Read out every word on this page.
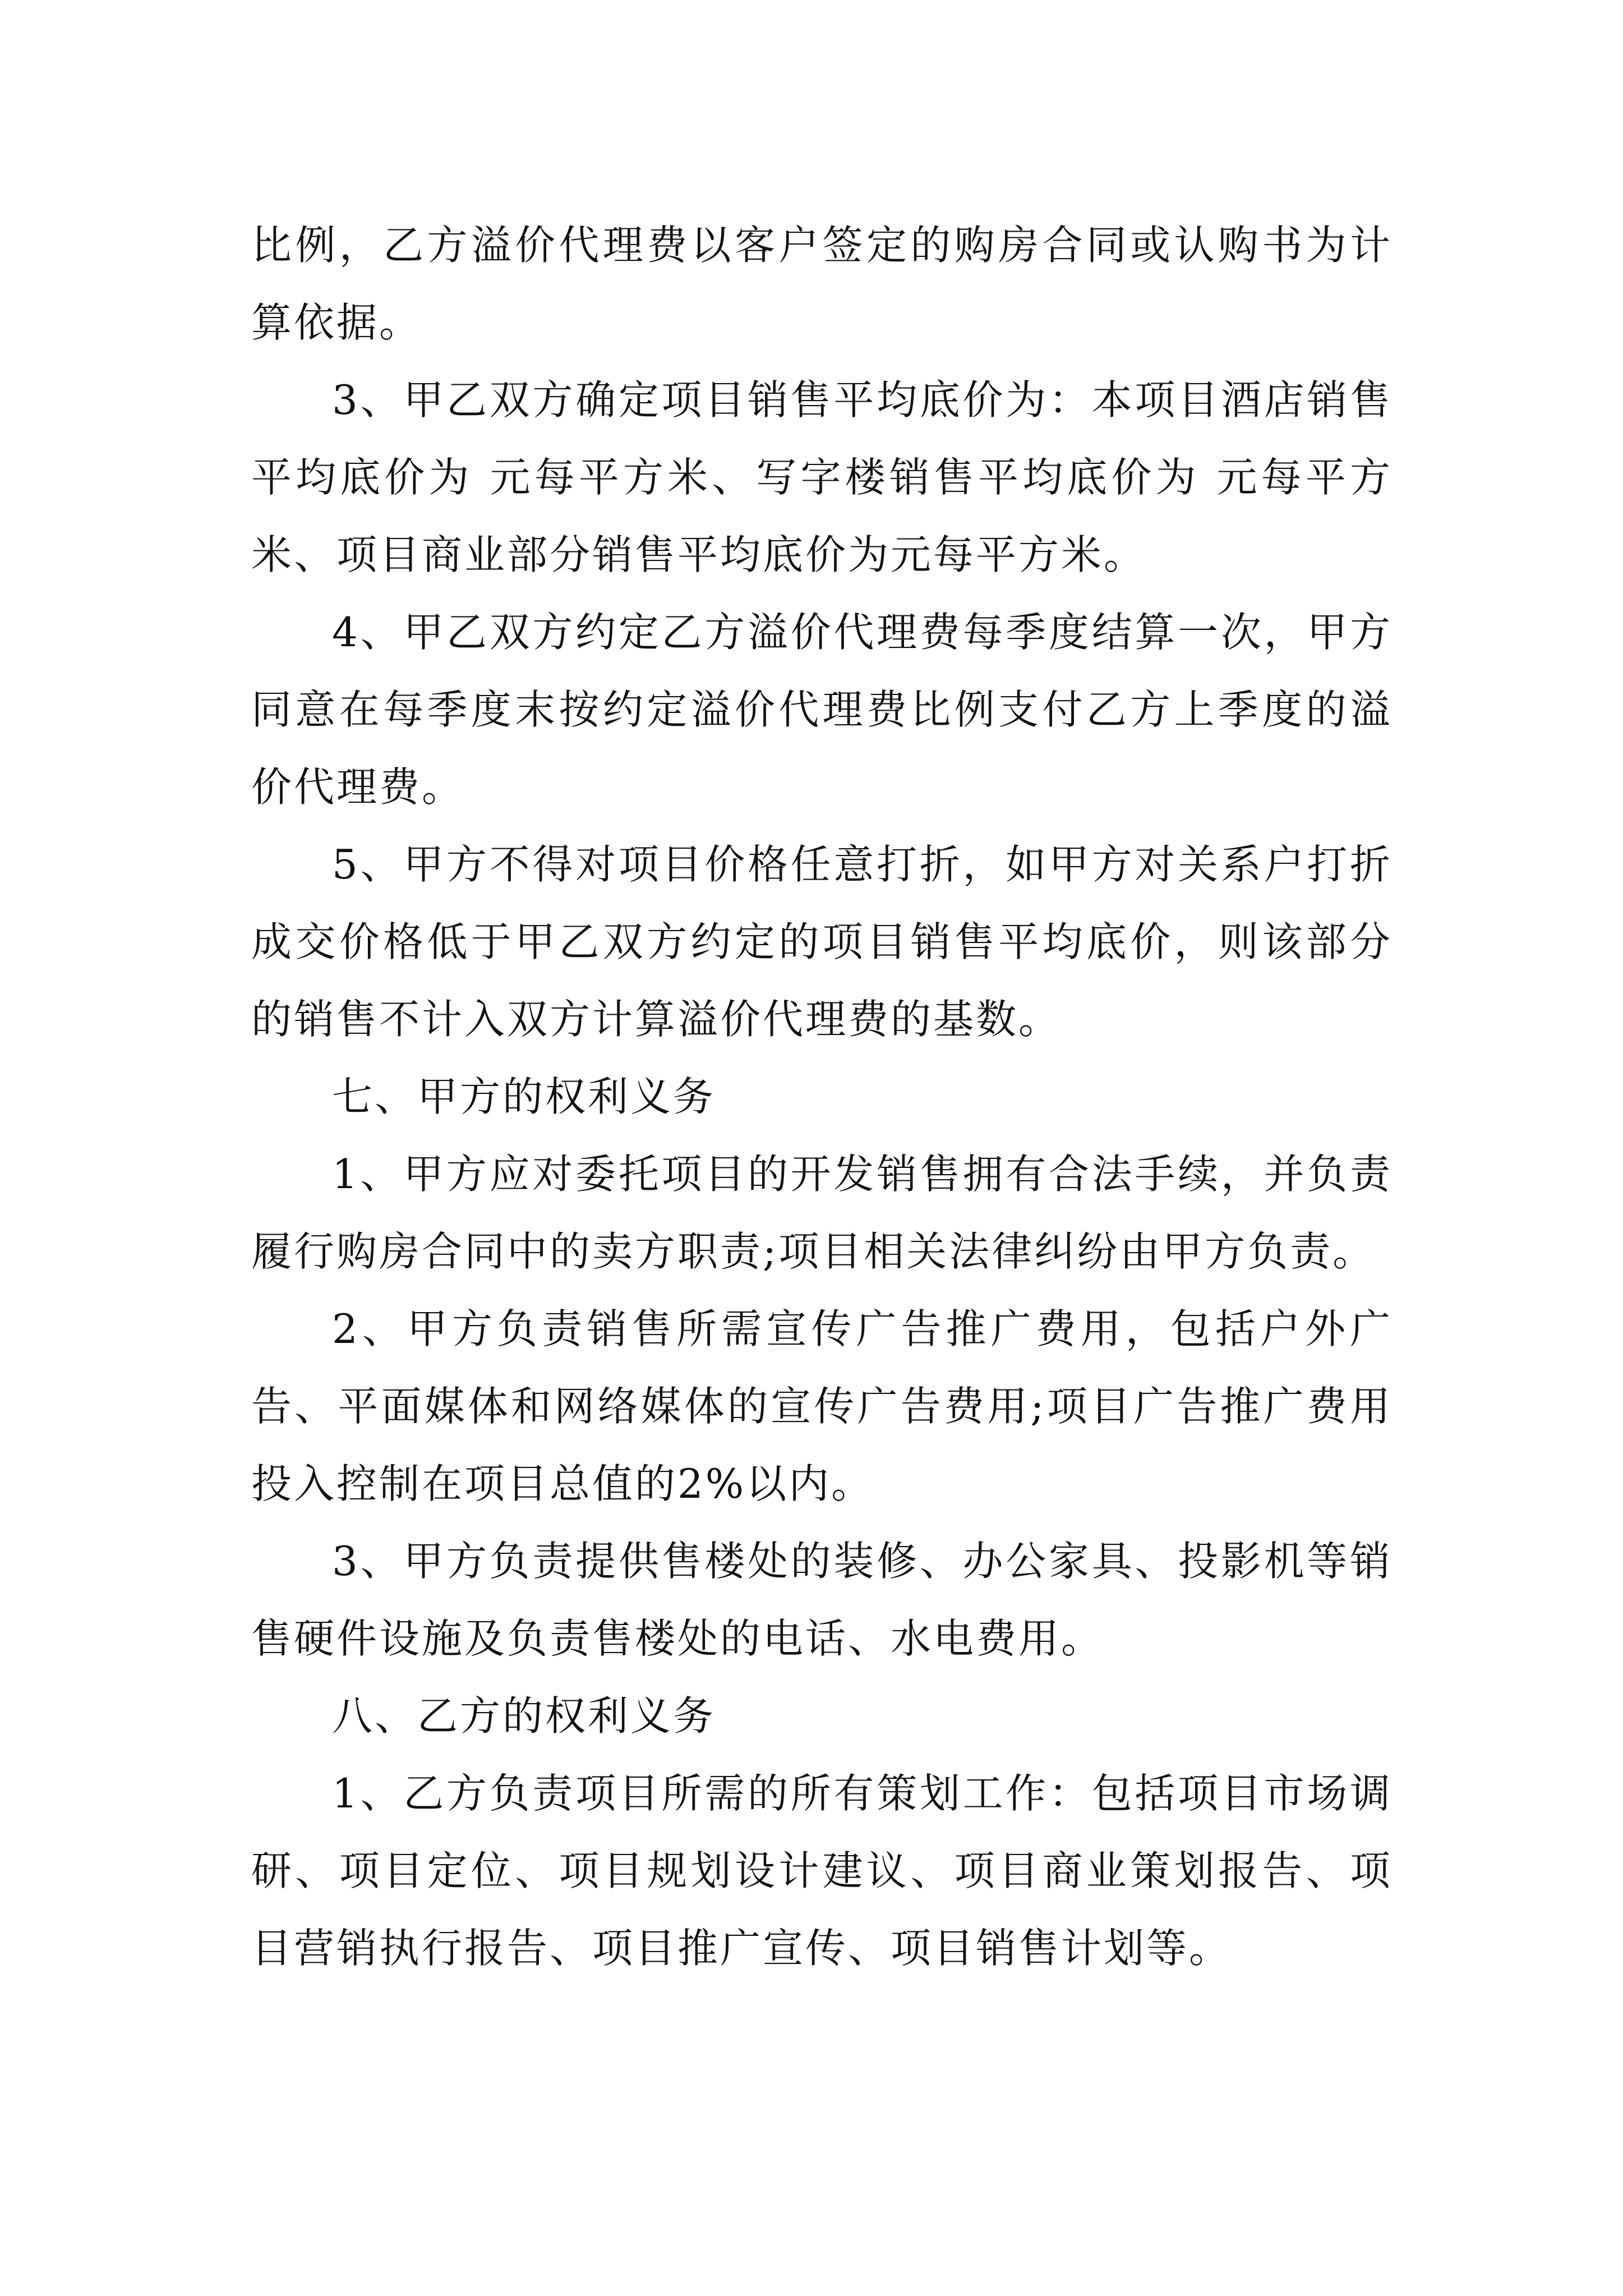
比例，乙方溢价代理费以客户签定的购房合同或认购书为计算依据。

3、甲乙双方确定项目销售平均底价为：本项目酒店销售平均底价为 元每平方米、写字楼销售平均底价为 元每平方米、项目商业部分销售平均底价为元每平方米。

4、甲乙双方约定乙方溢价代理费每季度结算一次，甲方同意在每季度末按约定溢价代理费比例支付乙方上季度的溢价代理费。

5、甲方不得对项目价格任意打折，如甲方对关系户打折成交价格低于甲乙双方约定的项目销售平均底价，则该部分的销售不计入双方计算溢价代理费的基数。

七、甲方的权利义务

1、甲方应对委托项目的开发销售拥有合法手续，并负责履行购房合同中的卖方职责;项目相关法律纠纷由甲方负责。

2、甲方负责销售所需宣传广告推广费用，包括户外广告、平面媒体和网络媒体的宣传广告费用;项目广告推广费用投入控制在项目总值的2%以内。

3、甲方负责提供售楼处的装修、办公家具、投影机等销售硬件设施及负责售楼处的电话、水电费用。

八、乙方的权利义务

1、乙方负责项目所需的所有策划工作：包括项目市场调研、项目定位、项目规划设计建议、项目商业策划报告、项目营销执行报告、项目推广宣传、项目销售计划等。
